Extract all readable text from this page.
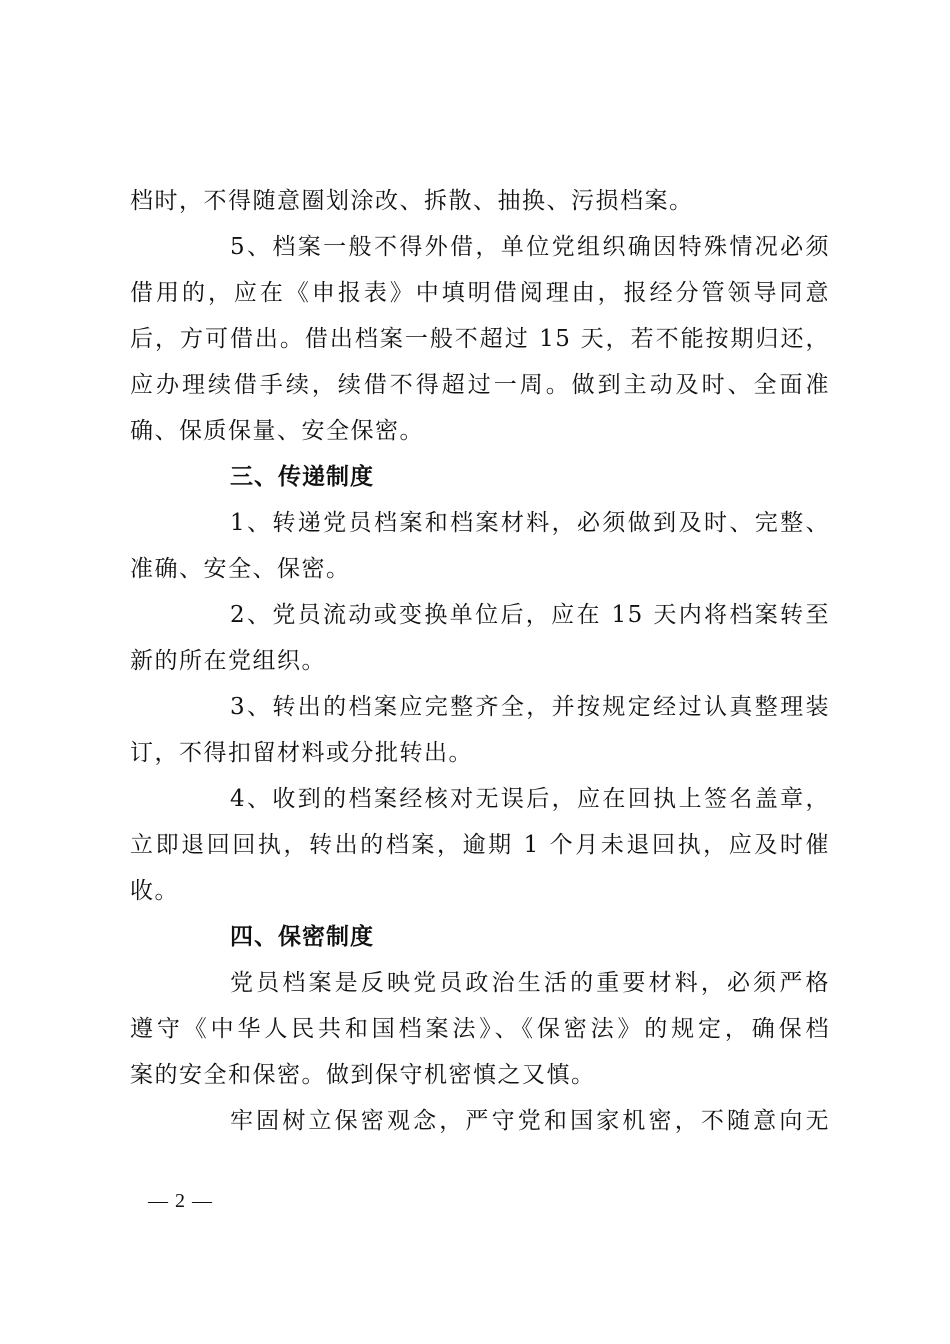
档时，不得随意圈划涂改、拆散、抽换、污损档案。
5、档案一般不得外借，单位党组织确因特殊情况必须
借用的，应在《申报表》中填明借阅理由，报经分管领导同意
后，方可借出。借出档案一般不超过 15 天，若不能按期归还，
应办理续借手续，续借不得超过一周。做到主动及时、全面准
确、保质保量、安全保密。
三、传递制度
1、转递党员档案和档案材料，必须做到及时、完整、
准确、安全、保密。
2、党员流动或变换单位后，应在 15 天内将档案转至
新的所在党组织。
3、转出的档案应完整齐全，并按规定经过认真整理装
订，不得扣留材料或分批转出。
4、收到的档案经核对无误后，应在回执上签名盖章，
立即退回回执，转出的档案，逾期 1 个月未退回执，应及时催
收。
四、保密制度
党员档案是反映党员政治生活的重要材料，必须严格
遵守《中华人民共和国档案法》、《保密法》的规定，确保档
案的安全和保密。做到保守机密慎之又慎。
牢固树立保密观念，严守党和国家机密，不随意向无
— 2 —
